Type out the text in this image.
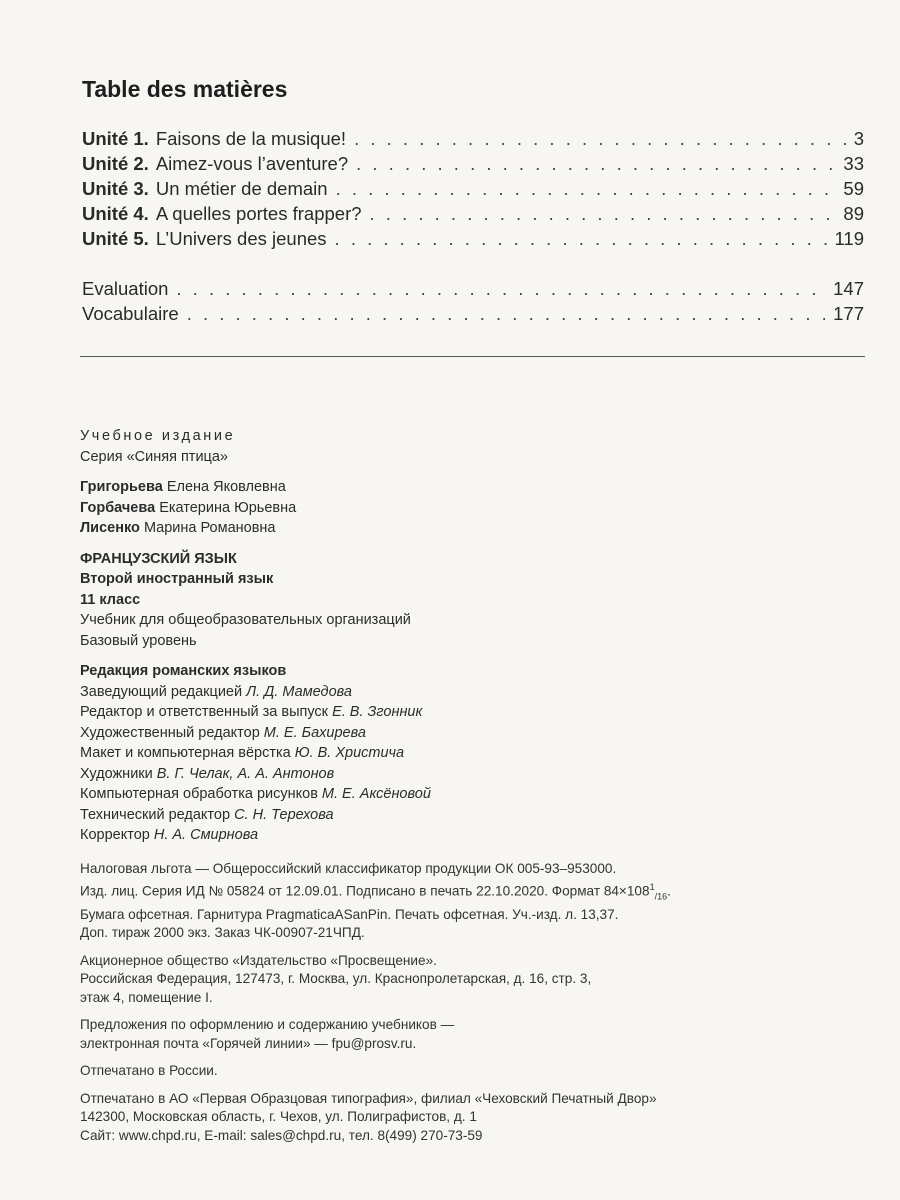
Table des matières
Unité 1. Faisons de la musique! . . .	3
Unité 2. Aimez-vous l’aventure? . . .	33
Unité 3. Un métier de demain . . .	59
Unité 4. A quelles portes frapper? . . .	89
Unité 5. L’Univers des jeunes . . .	119
Evaluation . . .	147
Vocabulaire . . .	177
Учебное издание
Серия «Синяя птица»
Григорьева Елена Яковлевна
Горбачева Екатерина Юрьевна
Лисенко Марина Романовна
ФРАНЦУЗСКИЙ ЯЗЫК
Второй иностранный язык
11 класс
Учебник для общеобразовательных организаций
Базовый уровень
Редакция романских языков
Заведующий редакцией Л. Д. Мамедова
Редактор и ответственный за выпуск Е. В. Згонник
Художественный редактор М. Е. Бахирева
Макет и компьютерная вёрстка Ю. В. Христича
Художники В. Г. Челак, А. А. Антонов
Компьютерная обработка рисунков М. Е. Аксёновой
Технический редактор С. Н. Терехова
Корректор Н. А. Смирнова
Налоговая льгота — Общероссийский классификатор продукции ОК 005-93–953000.
Изд. лиц. Серия ИД № 05824 от 12.09.01. Подписано в печать 22.10.2020. Формат $84\times 108^1_{/16}$.
Бумага офсетная. Гарнитура PragmaticaASanPin. Печать офсетная. Уч.-изд. л. 13,37.
Доп. тираж 2000 экз. Заказ ЧК-00907-21ЧПД.
Акционерное общество «Издательство «Просвещение».
Российская Федерация, 127473, г. Москва, ул. Краснопролетарская, д. 16, стр. 3,
этаж 4, помещение I.
Предложения по оформлению и содержанию учебников —
электронная почта «Горячей линии» — fpu@prosv.ru.
Отпечатано в России.
Отпечатано в АО «Первая Образцовая типография», филиал «Чеховский Печатный Двор»
142300, Московская область, г. Чехов, ул. Полиграфистов, д. 1
Сайт: www.chpd.ru, E-mail: sales@chpd.ru, тел. 8(499) 270-73-59
